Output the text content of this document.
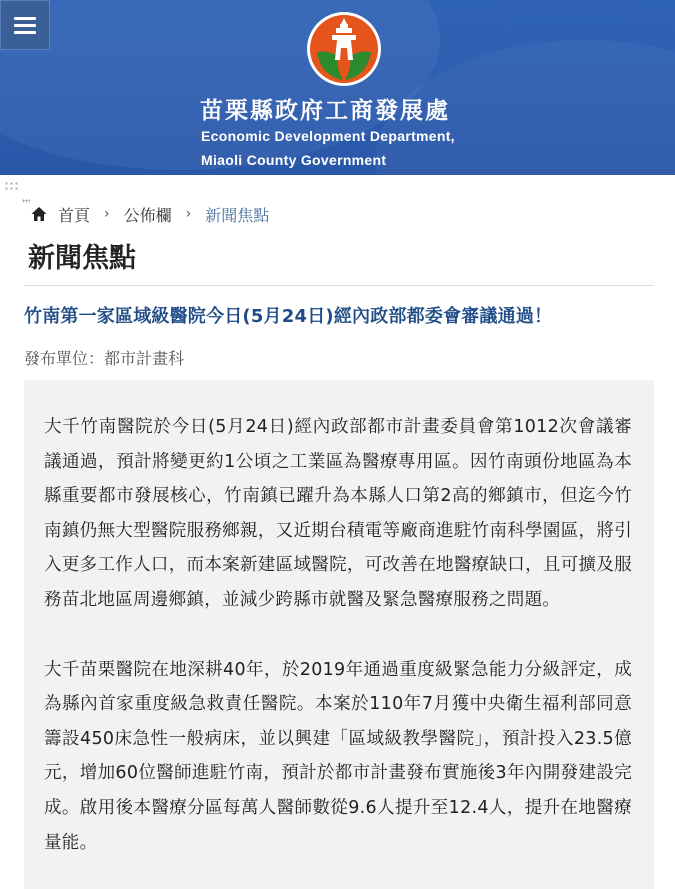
苗栗縣政府工商發展處
Economic Development Department,
Miaoli County Government
首頁 › 公佈欄 › 新聞焦點
新聞焦點
竹南第一家區域級醫院今日(5月24日)經內政部都委會審議通過！
發布單位：都市計畫科

大千竹南醫院於今日(5月24日)經內政部都市計畫委員會第1012次會議審議通過，預計將變更約1公頃之工業區為醫療專用區。因竹南頭份地區為本縣重要都市發展核心，竹南鎮已躍升為本縣人口第2高的鄉鎮市，但迄今竹南鎮仍無大型醫院服務鄉親，又近期台積電等廠商進駐竹南科學園區，將引入更多工作人口，而本案新建區域醫院，可改善在地醫療缺口，且可擴及服務苗北地區周邊鄉鎮，並減少跨縣市就醫及緊急醫療服務之問題。

大千苗栗醫院在地深耕40年，於2019年通過重度級緊急能力分級評定，成為縣內首家重度級急救責任醫院。本案於110年7月獲中央衛生福利部同意籌設450床急性一般病床，並以興建「區域級教學醫院」，預計投入23.5億元，增加60位醫師進駐竹南，預計於都市計畫發布實施後3年內開發建設完成。啟用後本醫療分區每萬人醫師數從9.6人提升至12.4人，提升在地醫療量能。
